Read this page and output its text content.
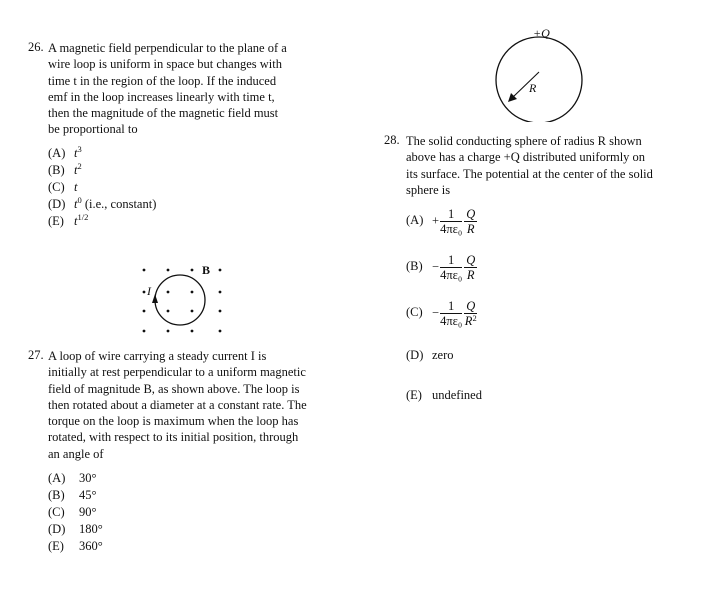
26. A magnetic field perpendicular to the plane of a
wire loop is uniform in space but changes with
time t in the region of the loop. If the induced
emf in the loop increases linearly with time t,
then the magnitude of the magnetic field must
be proportional to
(A) $t^3$
(B) $t^2$
(C) t
(D) $t^0$ (i.e., constant)
(E) $t^{1/2}$
I
B
27. A loop of wire carrying a steady current I is
initially at rest perpendicular to a uniform magnetic
field of magnitude B, as shown above. The loop is
then rotated about a diameter at a constant rate. The
torque on the loop is maximum when the loop has
rotated, with respect to its initial position, through
an angle of
(A) 30°
(B) 45°
(C) 90°
(D) 180°
(E) 360°
+Q
R
28. The solid conducting sphere of radius R shown
above has a charge +Q distributed uniformly on
its surface. The potential at the center of the solid
sphere is
$(A) + \frac{1}{\text{4πε₀}} \frac{Q}{R}$
$(B) - \frac{1}{\text{4πε₀}} \frac{Q}{R}$
$(C) - \frac{1}{\text{4πε₀}} \frac{Q}{R^2}$
(D) zero
(E) undefined
